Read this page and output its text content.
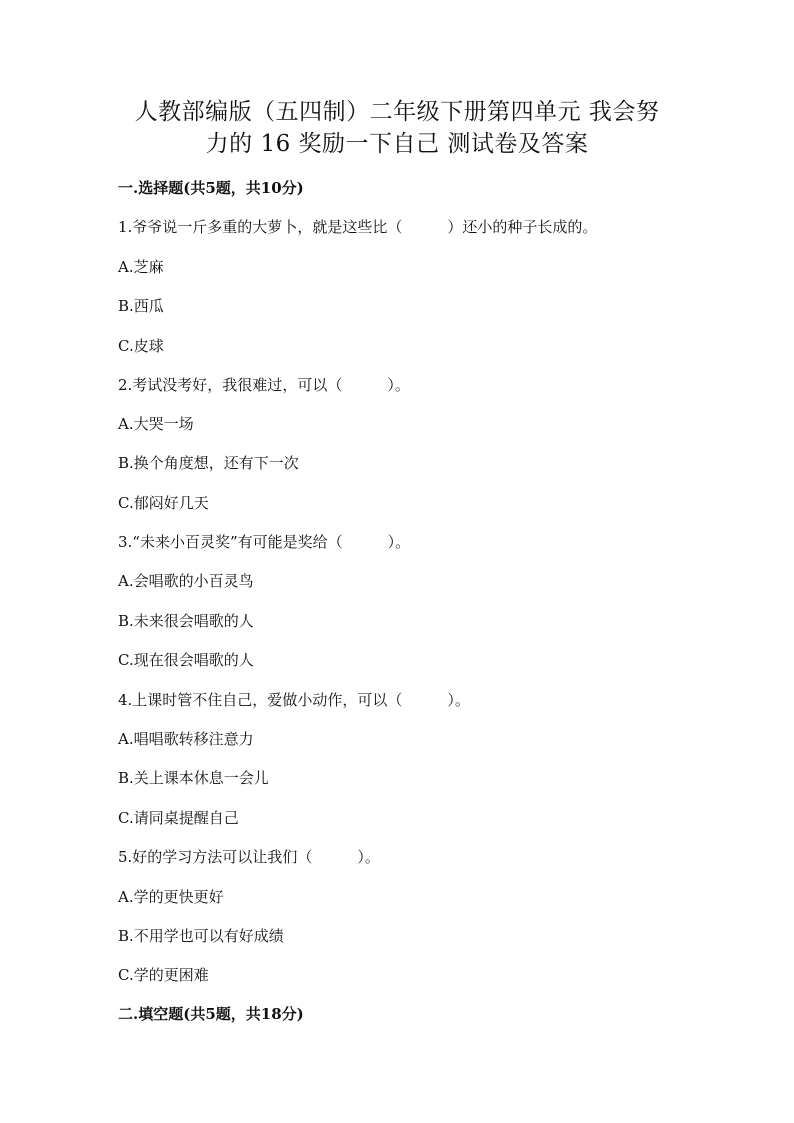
人教部编版（五四制）二年级下册第四单元 我会努
力的 16 奖励一下自己 测试卷及答案
一.选择题(共5题，共10分)
1.爷爷说一斤多重的大萝卜，就是这些比（　　　）还小的种子长成的。
A.芝麻
B.西瓜
C.皮球
2.考试没考好，我很难过，可以（　　　）。
A.大哭一场
B.换个角度想，还有下一次
C.郁闷好几天
3.“未来小百灵奖”有可能是奖给（　　　）。
A.会唱歌的小百灵鸟
B.未来很会唱歌的人
C.现在很会唱歌的人
4.上课时管不住自己，爱做小动作，可以（　　　）。
A.唱唱歌转移注意力
B.关上课本休息一会儿
C.请同桌提醒自己
5.好的学习方法可以让我们（　　　）。
A.学的更快更好
B.不用学也可以有好成绩
C.学的更困难
二.填空题(共5题，共18分)
